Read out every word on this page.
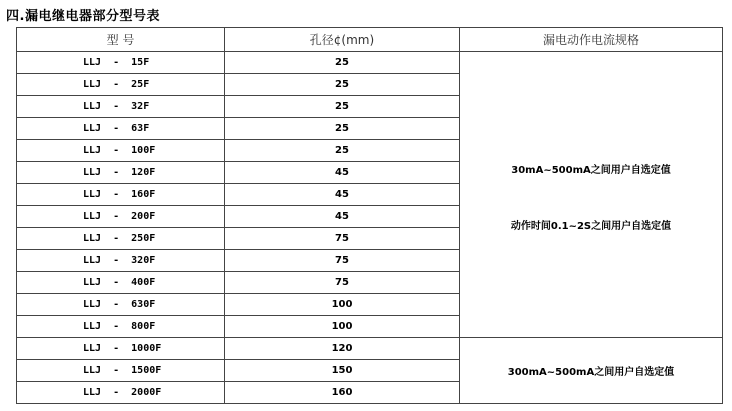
四.漏电继电器部分型号表
型 号	孔径¢(mm)	漏电动作电流规格
LLJ  -  15F	25	30mA~500mA之间用户自选定值
动作时间0.1~2S之间用户自选定值

LLJ  -  25F	25	
LLJ  -  32F	25	
LLJ  -  63F	25	
LLJ  -  100F	25	
LLJ  -  120F	45	
LLJ  -  160F	45	
LLJ  -  200F	45	
LLJ  -  250F	75	
LLJ  -  320F	75	
LLJ  -  400F	75	
LLJ  -  630F	100	
LLJ  -  800F	100	
LLJ  -  1000F	120	300mA~500mA之间用户自选定值

LLJ  -  1500F	150	
LLJ  -  2000F	160	
